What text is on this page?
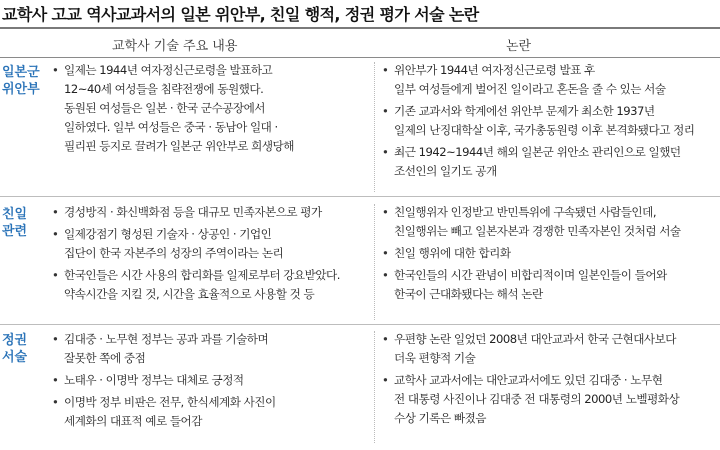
교학사 고교 역사교과서의 일본 위안부, 친일 행적, 정권 평가 서술 논란
교학사 기술 주요 내용	논란
일본군
위안부
• 일제는 1944년 여자정신근로령을 발표하고
12~40세 여성들을 침략전쟁에 동원했다.
동원된 여성들은 일본 · 한국 군수공장에서
일하였다. 일부 여성들은 중국 · 동남아 일대 ·
필리핀 등지로 끌려가 일본군 위안부로 희생당해
• 위안부가 1944년 여자정신근로령 발표 후
일부 여성들에게 벌어진 일이라고 혼돈을 줄 수 있는 서술
• 기존 교과서와 학계에선 위안부 문제가 최소한 1937년
일제의 난징대학살 이후, 국가총동원령 이후 본격화됐다고 정리
• 최근 1942~1944년 해외 일본군 위안소 관리인으로 일했던
조선인의 일기도 공개
친일
관련
• 경성방직 · 화신백화점 등을 대규모 민족자본으로 평가
• 일제강점기 형성된 기술자 · 상공인 · 기업인
집단이 한국 자본주의 성장의 주역이라는 논리
• 한국인들은 시간 사용의 합리화를 일제로부터 강요받았다.
약속시간을 지킬 것, 시간을 효율적으로 사용할 것 등
• 친일행위자 인정받고 반민특위에 구속됐던 사람들인데,
친일행위는 빼고 일본자본과 경쟁한 민족자본인 것처럼 서술
• 친일 행위에 대한 합리화
• 한국인들의 시간 관념이 비합리적이며 일본인들이 들어와
한국이 근대화됐다는 해석 논란
정권
서술
• 김대중 · 노무현 정부는 공과 과를 기술하며
잘못한 쪽에 중점
• 노태우 · 이명박 정부는 대체로 긍정적
• 이명박 정부 비판은 전무, 한식세계화 사진이
세계화의 대표적 예로 들어감
• 우편향 논란 일었던 2008년 대안교과서 한국 근현대사보다
더욱 편향적 기술
• 교학사 교과서에는 대안교과서에도 있던 김대중 · 노무현
전 대통령 사진이나 김대중 전 대통령의 2000년 노벨평화상
수상 기록은 빠졌음
